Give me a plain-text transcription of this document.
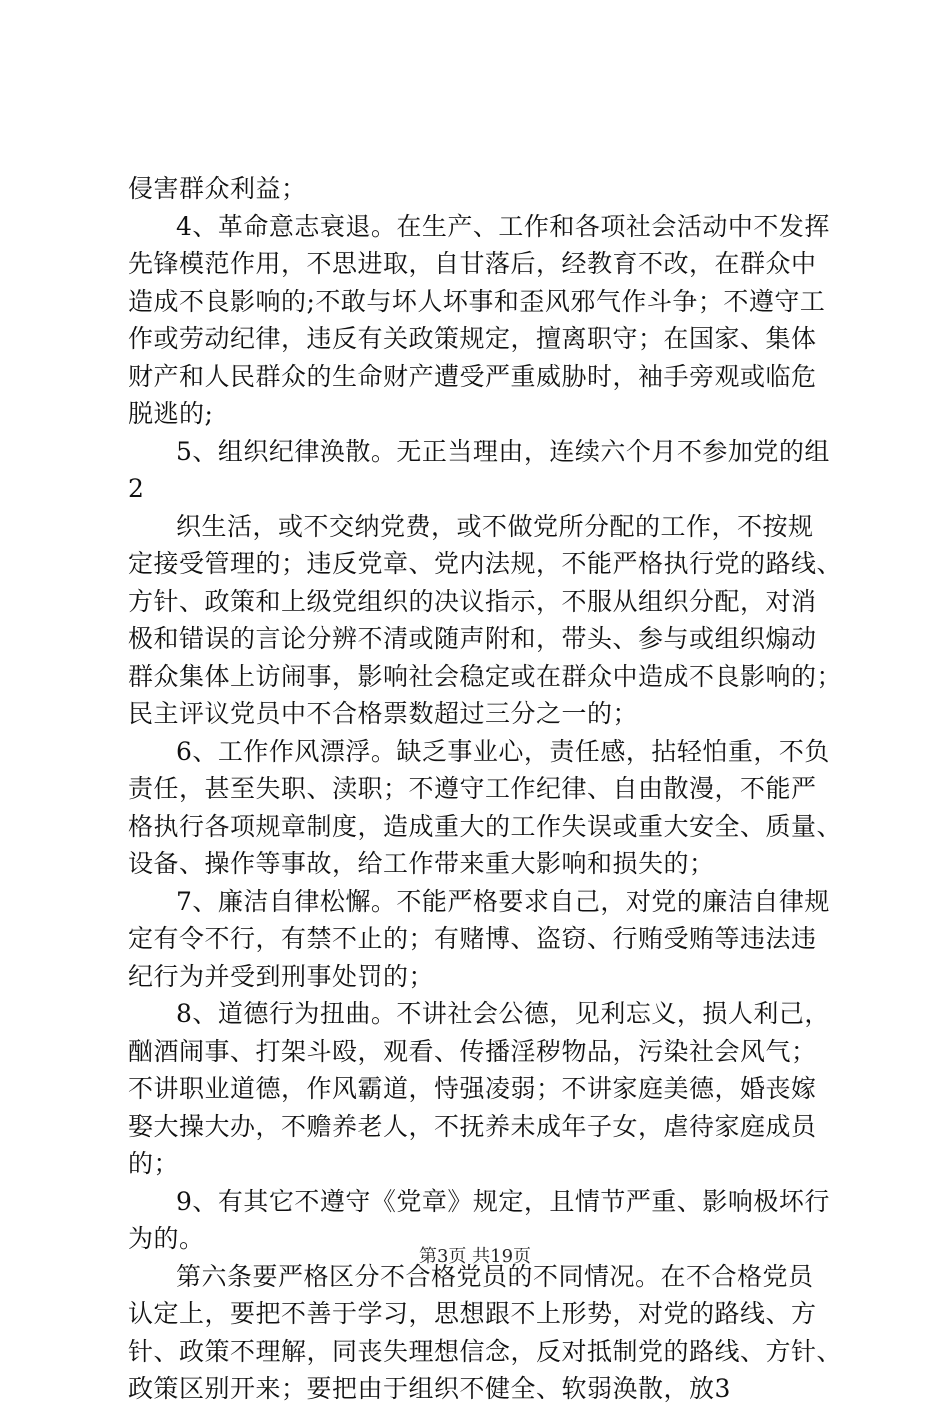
侵害群众利益；
4、革命意志衰退。在生产、工作和各项社会活动中不发挥
先锋模范作用，不思进取，自甘落后，经教育不改，在群众中
造成不良影响的;不敢与坏人坏事和歪风邪气作斗争；不遵守工
作或劳动纪律，违反有关政策规定，擅离职守；在国家、集体
财产和人民群众的生命财产遭受严重威胁时，袖手旁观或临危
脱逃的;
5、组织纪律涣散。无正当理由，连续六个月不参加党的组
2
织生活，或不交纳党费，或不做党所分配的工作，不按规
定接受管理的；违反党章、党内法规，不能严格执行党的路线、
方针、政策和上级党组织的决议指示，不服从组织分配，对消
极和错误的言论分辨不清或随声附和，带头、参与或组织煽动
群众集体上访闹事，影响社会稳定或在群众中造成不良影响的；
民主评议党员中不合格票数超过三分之一的；
6、工作作风漂浮。缺乏事业心，责任感，拈轻怕重，不负
责任，甚至失职、渎职；不遵守工作纪律、自由散漫，不能严
格执行各项规章制度，造成重大的工作失误或重大安全、质量、
设备、操作等事故，给工作带来重大影响和损失的；
7、廉洁自律松懈。不能严格要求自己，对党的廉洁自律规
定有令不行，有禁不止的；有赌博、盗窃、行贿受贿等违法违
纪行为并受到刑事处罚的；
8、道德行为扭曲。不讲社会公德，见利忘义，损人利己，
酗酒闹事、打架斗殴，观看、传播淫秽物品，污染社会风气；
不讲职业道德，作风霸道，恃强凌弱；不讲家庭美德，婚丧嫁
娶大操大办，不赡养老人，不抚养未成年子女，虐待家庭成员
的；
9、有其它不遵守《党章》规定，且情节严重、影响极坏行
为的。
第六条要严格区分不合格党员的不同情况。在不合格党员
认定上，要把不善于学习，思想跟不上形势，对党的路线、方
针、政策不理解，同丧失理想信念，反对抵制党的路线、方针、
政策区别开来；要把由于组织不健全、软弱涣散，放3
第3页 共19页
